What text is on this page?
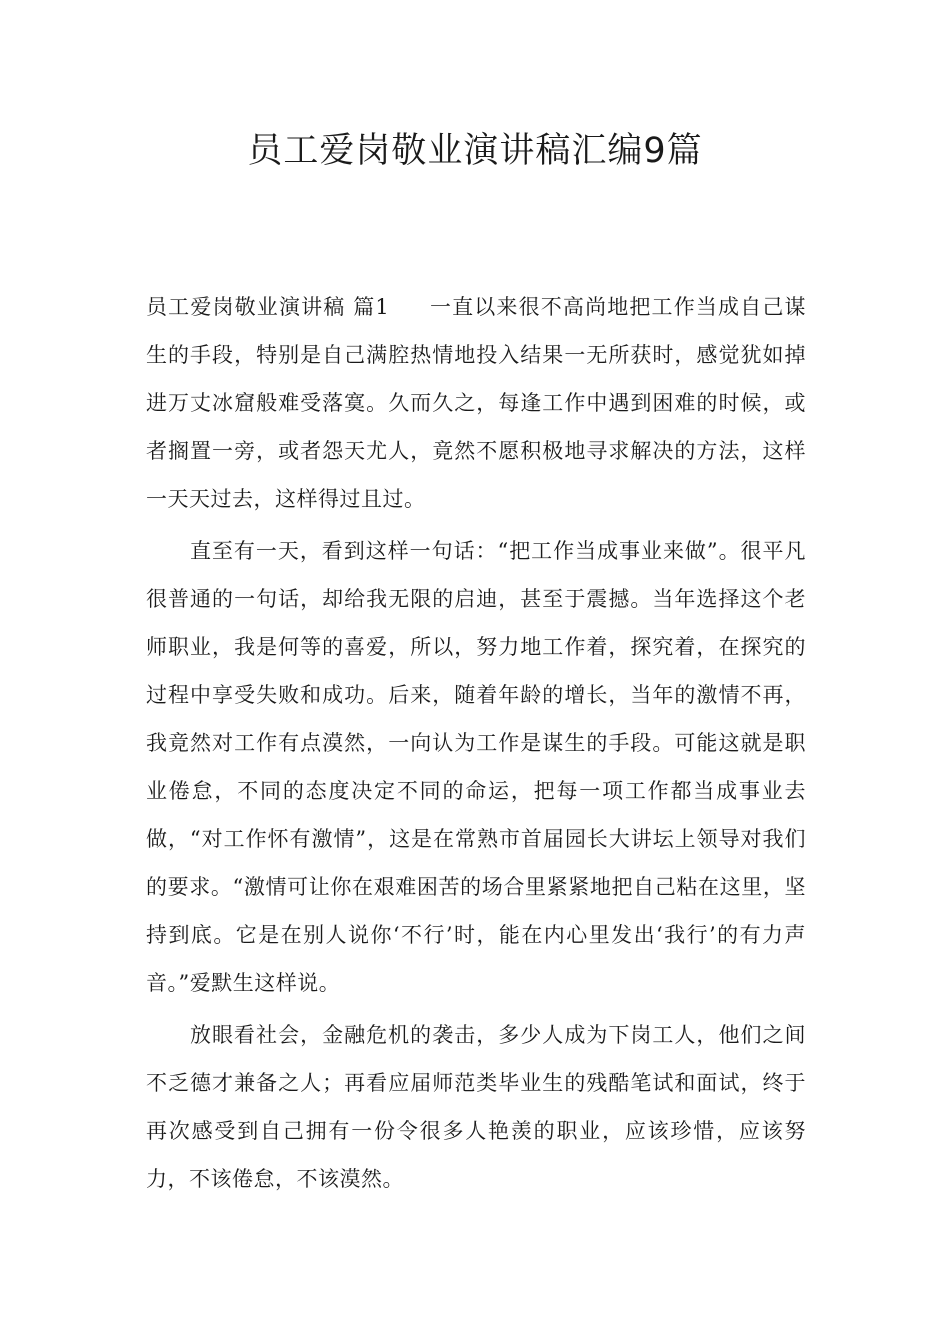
员工爱岗敬业演讲稿汇编9篇

员工爱岗敬业演讲稿 篇1 一直以来很不高尚地把工作当成自己谋生的手段，特别是自己满腔热情地投入结果一无所获时，感觉犹如掉进万丈冰窟般难受落寞。久而久之，每逢工作中遇到困难的时候，或者搁置一旁，或者怨天尤人，竟然不愿积极地寻求解决的方法，这样一天天过去，这样得过且过。

直至有一天，看到这样一句话：“把工作当成事业来做”。很平凡很普通的一句话，却给我无限的启迪，甚至于震撼。当年选择这个老师职业，我是何等的喜爱，所以，努力地工作着，探究着，在探究的过程中享受失败和成功。后来，随着年龄的增长，当年的激情不再，我竟然对工作有点漠然，一向认为工作是谋生的手段。可能这就是职业倦怠，不同的态度决定不同的命运，把每一项工作都当成事业去做，“对工作怀有激情”，这是在常熟市首届园长大讲坛上领导对我们的要求。“激情可让你在艰难困苦的场合里紧紧地把自己粘在这里，坚持到底。它是在别人说你‘不行’时，能在内心里发出‘我行’的有力声音。”爱默生这样说。

放眼看社会，金融危机的袭击，多少人成为下岗工人，他们之间不乏德才兼备之人；再看应届师范类毕业生的残酷笔试和面试，终于再次感受到自己拥有一份令很多人艳羡的职业，应该珍惜，应该努力，不该倦怠，不该漠然。
